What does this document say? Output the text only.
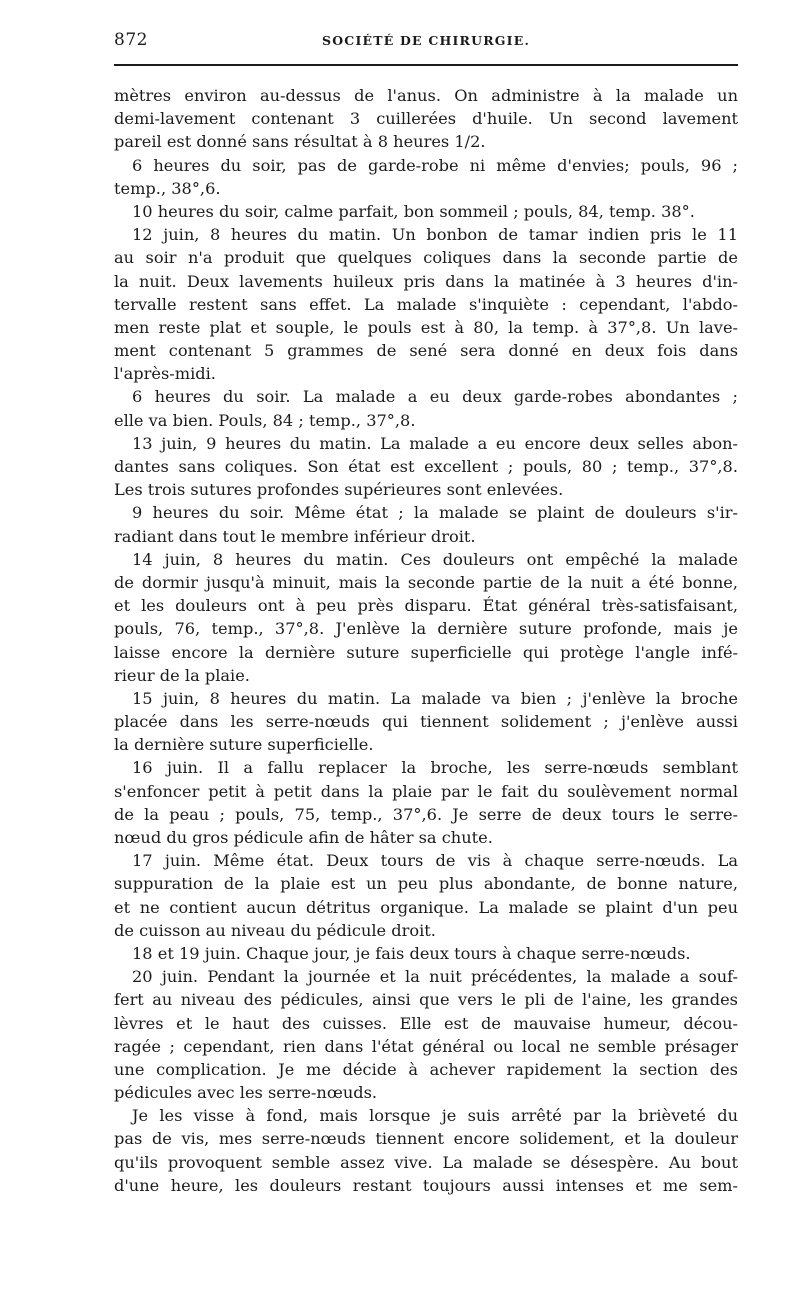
872	SOCIÉTÉ DE CHIRURGIE.
mètres environ au-dessus de l'anus. On administre à la malade un
demi-lavement contenant 3 cuillerées d'huile. Un second lavement
pareil est donné sans résultat à 8 heures 1/2.
6 heures du soir, pas de garde-robe ni même d'envies; pouls, 96 ;
temp., 38°,6.
10 heures du soir, calme parfait, bon sommeil ; pouls, 84, temp. 38°.
12 juin, 8 heures du matin. Un bonbon de tamar indien pris le 11
au soir n'a produit que quelques coliques dans la seconde partie de
la nuit. Deux lavements huileux pris dans la matinée à 3 heures d'in-
tervalle restent sans effet. La malade s'inquiète : cependant, l'abdo-
men reste plat et souple, le pouls est à 80, la temp. à 37°,8. Un lave-
ment contenant 5 grammes de sené sera donné en deux fois dans
l'après-midi.
6 heures du soir. La malade a eu deux garde-robes abondantes ;
elle va bien. Pouls, 84 ; temp., 37°,8.
13 juin, 9 heures du matin. La malade a eu encore deux selles abon-
dantes sans coliques. Son état est excellent ; pouls, 80 ; temp., 37°,8.
Les trois sutures profondes supérieures sont enlevées.
9 heures du soir. Même état ; la malade se plaint de douleurs s'ir-
radiant dans tout le membre inférieur droit.
14 juin, 8 heures du matin. Ces douleurs ont empêché la malade
de dormir jusqu'à minuit, mais la seconde partie de la nuit a été bonne,
et les douleurs ont à peu près disparu. État général très-satisfaisant,
pouls, 76, temp., 37°,8. J'enlève la dernière suture profonde, mais je
laisse encore la dernière suture superficielle qui protège l'angle infé-
rieur de la plaie.
15 juin, 8 heures du matin. La malade va bien ; j'enlève la broche
placée dans les serre-nœuds qui tiennent solidement ; j'enlève aussi
la dernière suture superficielle.
16 juin. Il a fallu replacer la broche, les serre-nœuds semblant
s'enfoncer petit à petit dans la plaie par le fait du soulèvement normal
de la peau ; pouls, 75, temp., 37°,6. Je serre de deux tours le serre-
nœud du gros pédicule afin de hâter sa chute.
17 juin. Même état. Deux tours de vis à chaque serre-nœuds. La
suppuration de la plaie est un peu plus abondante, de bonne nature,
et ne contient aucun détritus organique. La malade se plaint d'un peu
de cuisson au niveau du pédicule droit.
18 et 19 juin. Chaque jour, je fais deux tours à chaque serre-nœuds.
20 juin. Pendant la journée et la nuit précédentes, la malade a souf-
fert au niveau des pédicules, ainsi que vers le pli de l'aine, les grandes
lèvres et le haut des cuisses. Elle est de mauvaise humeur, décou-
ragée ; cependant, rien dans l'état général ou local ne semble présager
une complication. Je me décide à achever rapidement la section des
pédicules avec les serre-nœuds.
Je les visse à fond, mais lorsque je suis arrêté par la brièveté du
pas de vis, mes serre-nœuds tiennent encore solidement, et la douleur
qu'ils provoquent semble assez vive. La malade se désespère. Au bout
d'une heure, les douleurs restant toujours aussi intenses et me sem-
